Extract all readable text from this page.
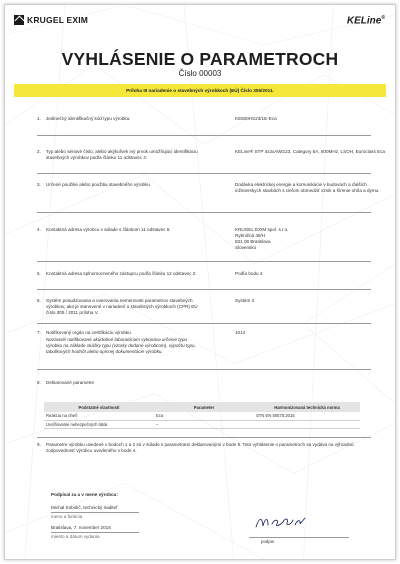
KRUGEL EXIM	KELine®
VYHLÁSENIE O PARAMETROCH
Číslo 00003
Príloha III nariadenie o stavebných výrobkoch (EÚ) Číslo 305/2011.
1.	Jedinečný identifikačný kód typu výrobku:	KE500HS23/1E-Eca
2.	Typ alebo sériové číslo, alebo akýkoľvek iný prvok umožňujúci identifikáciu stavebných výrobkov podľa článku 11 odstavec 4:
KELine® STP 4x2xAWG23, Category 6A, 500MHz, LSOH, Euroclass Eca
3.	Určené použitie alebo použitia stavebného výrobku	Dodávka elektrickej energie a komunikácie v budovách a ďalších inžinierskych stavbách s cieľom obmedziť vznik a šírenie ohňa a dymu.
4.	Kontaktná adresa výrobcu v súlade s článkom 11 odstavec 5:	KRUGEL EXIM spol. s.r.o.
Rybničná 38/H
831 06 Bratislava
Slovensko
5.	Kontaktná adresa splnomocneného zástupcu podľa článku 12 odstavec 2:	Podľa bodu 4
6.	Systém posudzovania a overovania nemennosti parametrov stavebných výrobkov, ako je stanovené v nariadení o stavebných výrobkoch (CPR) EÚ číslo 305 / 2011 príloha V.
Systém 3
7.	Notifikovaný orgán na certifikáciu výrobku
Nezávislé notifikované akúdobné laboratórium vykonáva určenie typu výrobku na základe skúšky typu (vzorky dodané výrobcom), výpočtu typu, tabuľkových hodnôt alebo opisnej dokumentácie výrobku.
1014
8.	Deklarované parametre
Podstatné vlastnosti	Parameter	Harmonizovaná technická norma
Reakcia na oheň	Eca	STN EN 50575:2015
Uvoľňovanie nebezpečných látok	–	
9.	Parametre výrobku uvedené v bodoch 1 a 2 sú v súlade s parametrami deklarovanými v bode 8. Toto vyhlásenie o parametroch sa vydáva na výhradnú zodpovednosť výrobcu uvedeného v bode 4.
Podpísal za a v mene výrobcu:
Michal Sobolič, technický riaditeľ
meno a funkcia
Bratislava, 7. november 2016
miesto a dátum vydania
podpis
